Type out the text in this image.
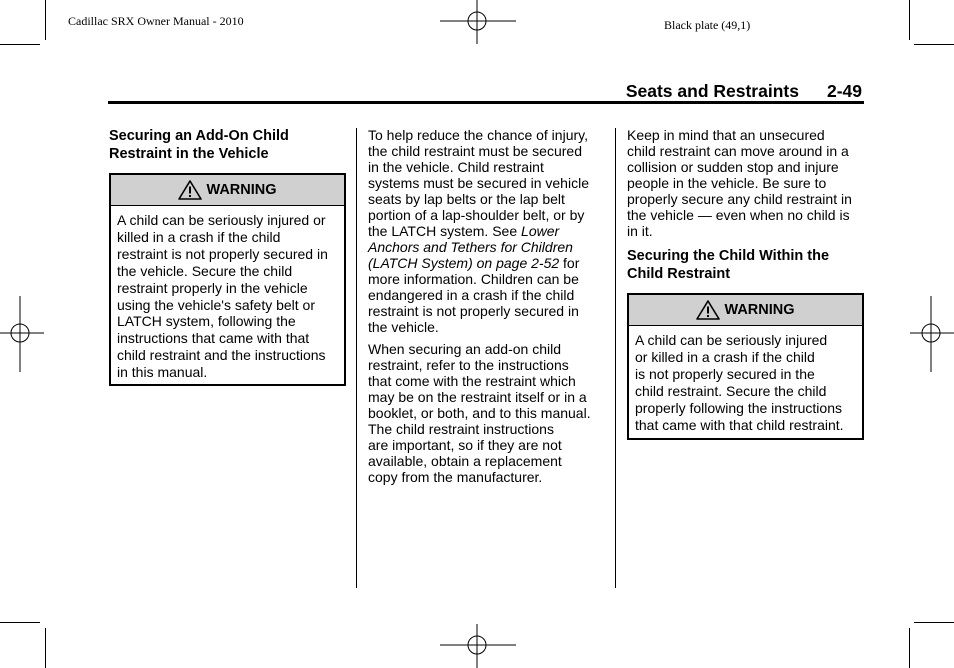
Cadillac SRX Owner Manual - 2010	Black plate (49,1)
Seats and Restraints 2-49
Securing an Add-On Child
Restraint in the Vehicle
WARNING
A child can be seriously injured or
killed in a crash if the child
restraint is not properly secured in
the vehicle. Secure the child
restraint properly in the vehicle
using the vehicle's safety belt or
LATCH system, following the
instructions that came with that
child restraint and the instructions
in this manual.

To help reduce the chance of injury,
the child restraint must be secured
in the vehicle. Child restraint
systems must be secured in vehicle
seats by lap belts or the lap belt
portion of a lap-shoulder belt, or by
the LATCH system. See Lower
Anchors and Tethers for Children
(LATCH System) on page 2-52 for
more information. Children can be
endangered in a crash if the child
restraint is not properly secured in
the vehicle.

When securing an add-on child
restraint, refer to the instructions
that come with the restraint which
may be on the restraint itself or in a
booklet, or both, and to this manual.
The child restraint instructions
are important, so if they are not
available, obtain a replacement
copy from the manufacturer.

Keep in mind that an unsecured
child restraint can move around in a
collision or sudden stop and injure
people in the vehicle. Be sure to
properly secure any child restraint in
the vehicle — even when no child is
in it.

Securing the Child Within the
Child Restraint
WARNING
A child can be seriously injured
or killed in a crash if the child
is not properly secured in the
child restraint. Secure the child
properly following the instructions
that came with that child restraint.
